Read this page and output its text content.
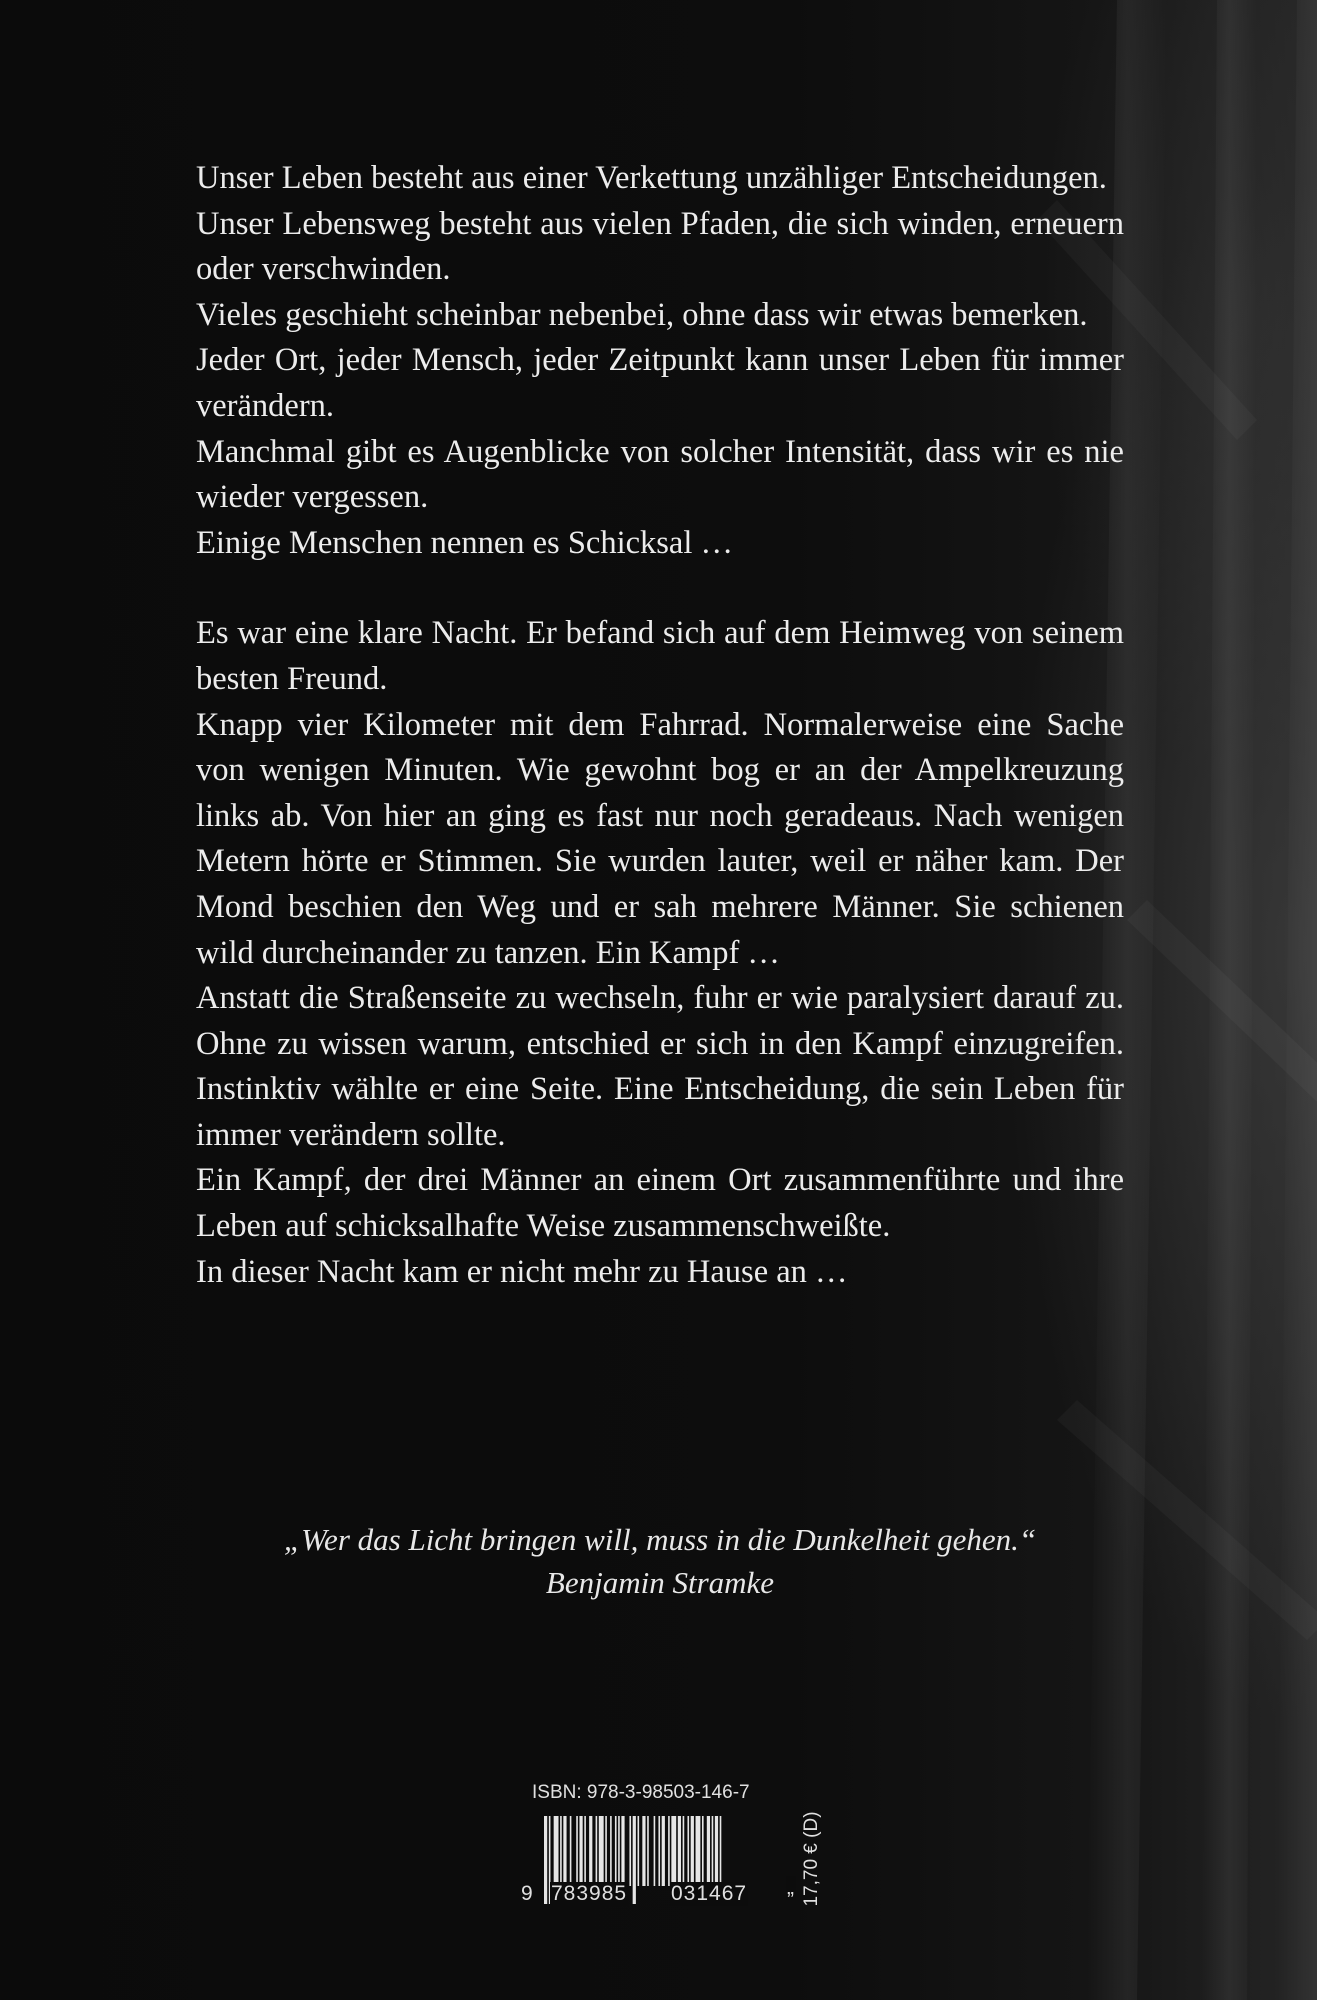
Unser Leben besteht aus einer Verkettung unzähliger Entscheidungen.

Unser Lebensweg besteht aus vielen Pfaden, die sich winden, erneuern oder verschwinden.

Vieles geschieht scheinbar nebenbei, ohne dass wir etwas bemerken.

Jeder Ort, jeder Mensch, jeder Zeitpunkt kann unser Leben für immer verändern.

Manchmal gibt es Augenblicke von solcher Intensität, dass wir es nie wieder vergessen.

Einige Menschen nennen es Schicksal …

Es war eine klare Nacht. Er befand sich auf dem Heimweg von seinem besten Freund.

Knapp vier Kilometer mit dem Fahrrad. Normalerweise eine Sache von wenigen Minuten. Wie gewohnt bog er an der Ampelkreuzung links ab. Von hier an ging es fast nur noch geradeaus. Nach wenigen Metern hörte er Stimmen. Sie wurden lauter, weil er näher kam. Der Mond beschien den Weg und er sah mehrere Männer. Sie schienen wild durcheinander zu tanzen. Ein Kampf …

Anstatt die Straßenseite zu wechseln, fuhr er wie paralysiert darauf zu. Ohne zu wissen warum, entschied er sich in den Kampf einzugreifen. Instinktiv wählte er eine Seite. Eine Entscheidung, die sein Leben für immer verändern sollte.

Ein Kampf, der drei Männer an einem Ort zusammenführte und ihre Leben auf schicksalhafte Weise zusammenschweißte.

In dieser Nacht kam er nicht mehr zu Hause an …

„Wer das Licht bringen will, muss in die Dunkelheit gehen.“
Benjamin Stramke
ISBN: 978-3-98503-146-7
9 783985 031467 „ 17,70 € (D)
